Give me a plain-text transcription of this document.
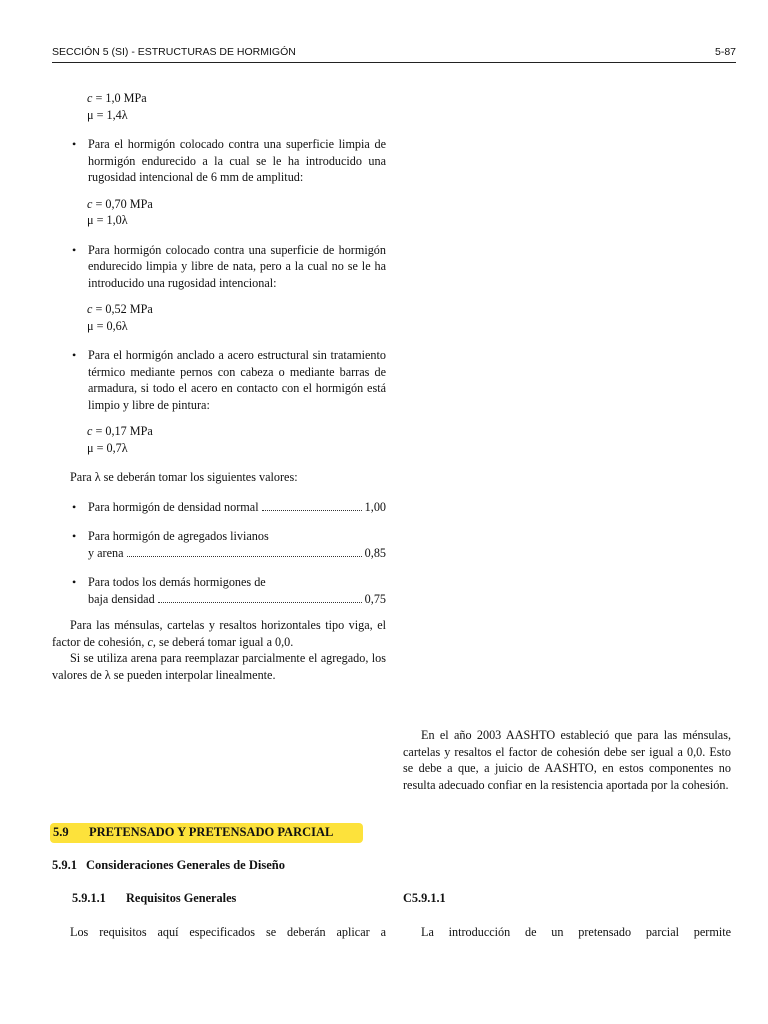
SECCIÓN 5 (SI) - ESTRUCTURAS DE HORMIGÓN	5-87
c = 1,0 MPa
μ = 1,4λ
• Para el hormigón colocado contra una superficie limpia de hormigón endurecido a la cual se le ha introducido una rugosidad intencional de 6 mm de amplitud:
c = 0,70 MPa
μ = 1,0λ
• Para hormigón colocado contra una superficie de hormigón endurecido limpia y libre de nata, pero a la cual no se le ha introducido una rugosidad intencional:
c = 0,52 MPa
μ = 0,6λ
• Para el hormigón anclado a acero estructural sin tratamiento térmico mediante pernos con cabeza o mediante barras de armadura, si todo el acero en contacto con el hormigón está limpio y libre de pintura:
c = 0,17 MPa
μ = 0,7λ
Para λ se deberán tomar los siguientes valores:
• Para hormigón de densidad normal	1,00
• Para hormigón de agregados livianos
y arena	0,85
• Para todos los demás hormigones de
baja densidad	0,75
Para las ménsulas, cartelas y resaltos horizontales tipo viga, el factor de cohesión, c, se deberá tomar igual a 0,0.
Si se utiliza arena para reemplazar parcialmente el agregado, los valores de λ se pueden interpolar linealmente.
En el año 2003 AASHTO estableció que para las ménsulas, cartelas y resaltos el factor de cohesión debe ser igual a 0,0. Esto se debe a que, a juicio de AASHTO, en estos componentes no resulta adecuado confiar en la resistencia aportada por la cohesión.
5.9 PRETENSADO Y PRETENSADO PARCIAL
5.9.1 Consideraciones Generales de Diseño
5.9.1.1 Requisitos Generales	C5.9.1.1
Los requisitos aquí especificados se deberán aplicar a	La introducción de un pretensado parcial permite
